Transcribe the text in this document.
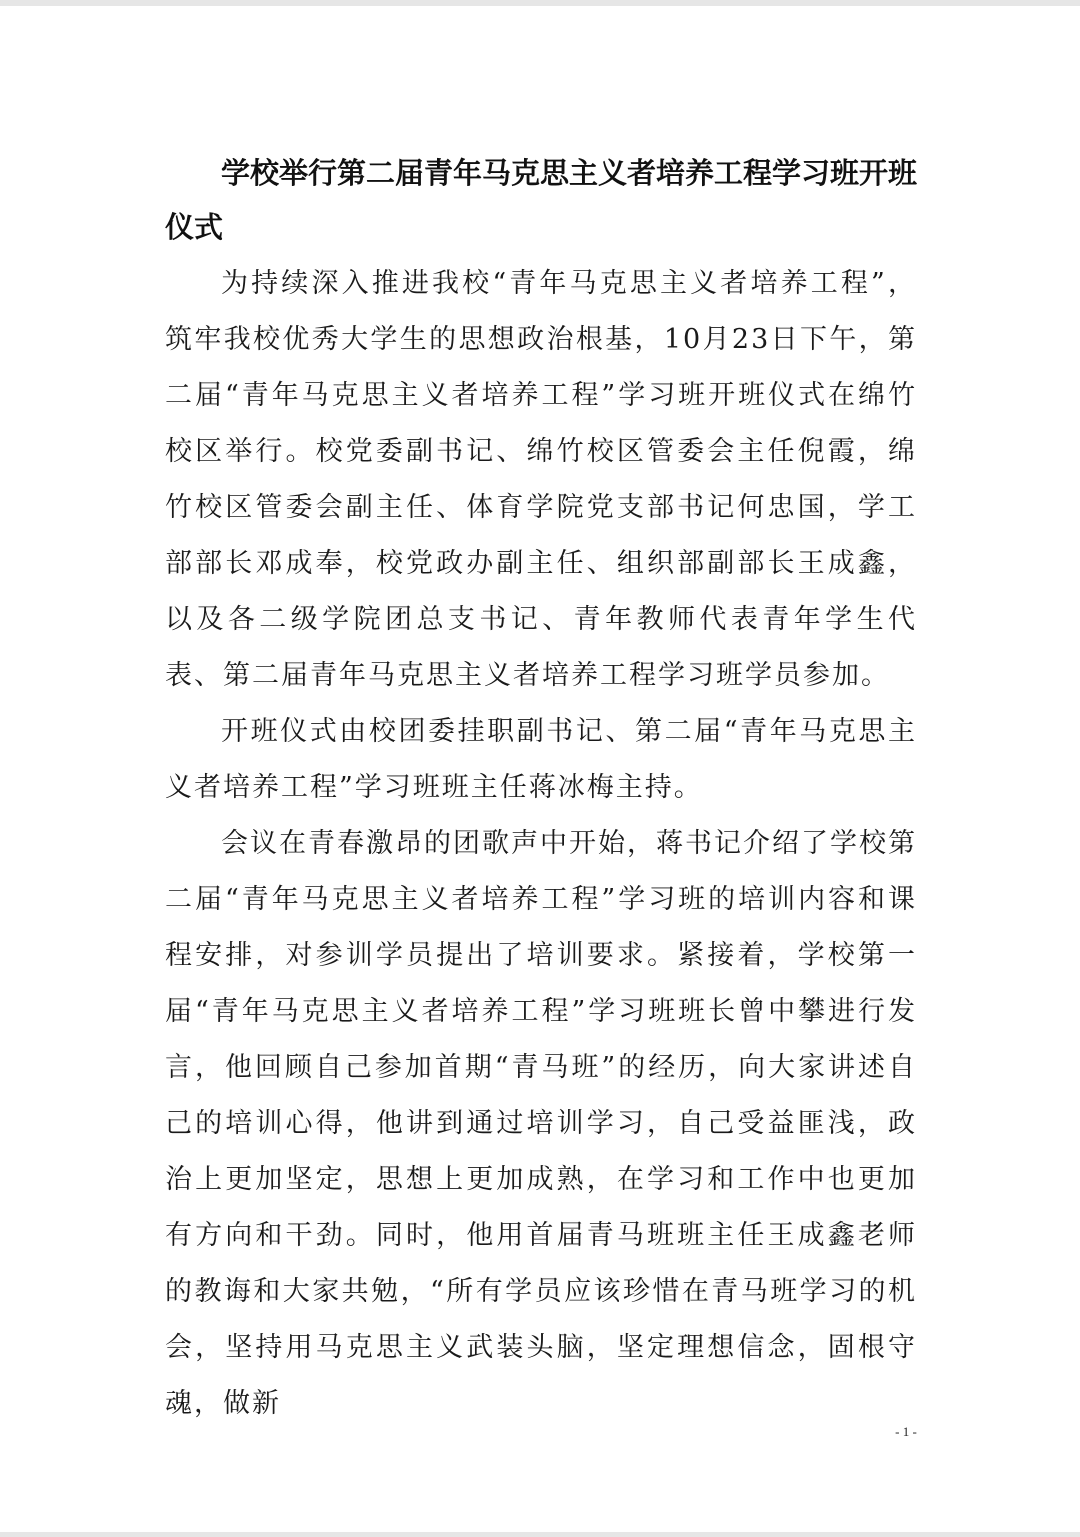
学校举行第二届青年马克思主义者培养工程学习班开班仪式

为持续深入推进我校“青年马克思主义者培养工程”，筑牢我校优秀大学生的思想政治根基，10月23日下午，第二届“青年马克思主义者培养工程”学习班开班仪式在绵竹校区举行。校党委副书记、绵竹校区管委会主任倪霞，绵竹校区管委会副主任、体育学院党支部书记何忠国，学工部部长邓成奉，校党政办副主任、组织部副部长王成鑫，以及各二级学院团总支书记、青年教师代表青年学生代表、第二届青年马克思主义者培养工程学习班学员参加。

开班仪式由校团委挂职副书记、第二届“青年马克思主义者培养工程”学习班班主任蒋冰梅主持。

会议在青春激昂的团歌声中开始，蒋书记介绍了学校第二届“青年马克思主义者培养工程”学习班的培训内容和课程安排，对参训学员提出了培训要求。紧接着，学校第一届“青年马克思主义者培养工程”学习班班长曾中攀进行发言，他回顾自己参加首期“青马班”的经历，向大家讲述自己的培训心得，他讲到通过培训学习，自己受益匪浅，政治上更加坚定，思想上更加成熟，在学习和工作中也更加有方向和干劲。同时，他用首届青马班班主任王成鑫老师的教诲和大家共勉，“所有学员应该珍惜在青马班学习的机会，坚持用马克思主义武装头脑，坚定理想信念，固根守魂，做新

- 1 -
